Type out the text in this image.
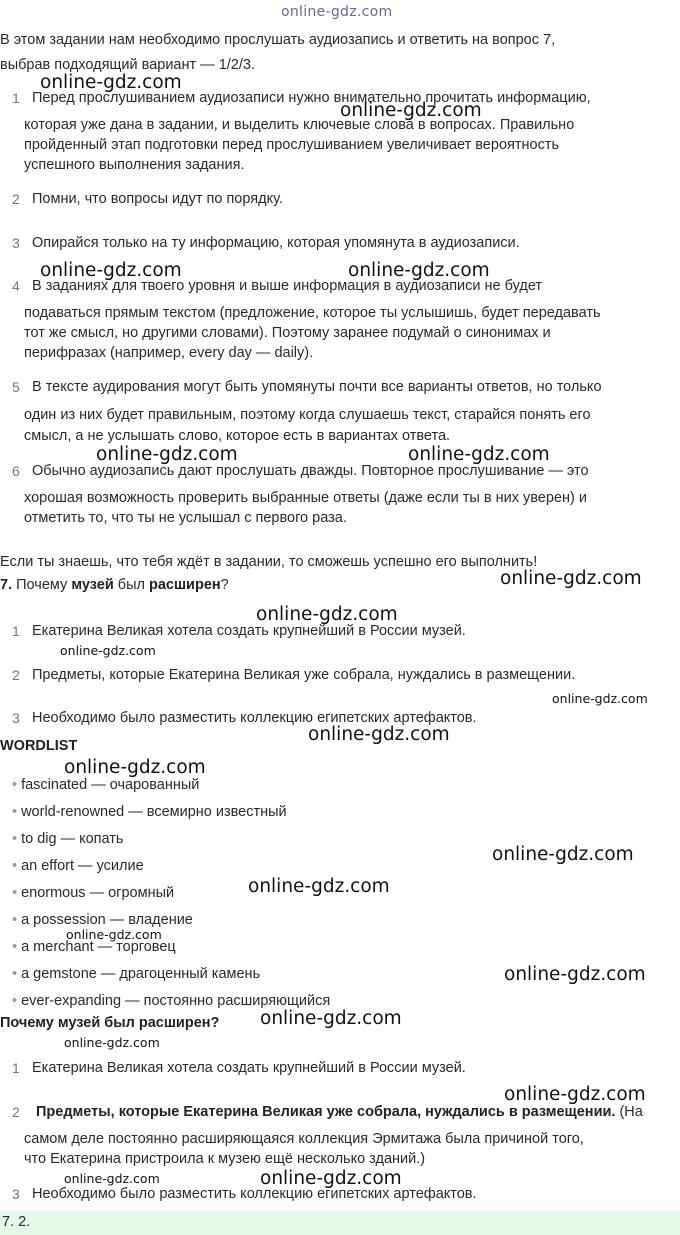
online-gdz.com
В этом задании нам необходимо прослушать аудиозапись и ответить на вопрос 7,
выбрав подходящий вариант — 1/2/3.
1 Перед прослушиванием аудиозаписи нужно внимательно прочитать информацию,
которая уже дана в задании, и выделить ключевые слова в вопросах. Правильно
пройденный этап подготовки перед прослушиванием увеличивает вероятность
успешного выполнения задания.
2 Помни, что вопросы идут по порядку.
3 Опирайся только на ту информацию, которая упомянута в аудиозаписи.
4 В заданиях для твоего уровня и выше информация в аудиозаписи не будет
подаваться прямым текстом (предложение, которое ты услышишь, будет передавать
тот же смысл, но другими словами). Поэтому заранее подумай о синонимах и
перифразах (например, every day — daily).
5 В тексте аудирования могут быть упомянуты почти все варианты ответов, но только
один из них будет правильным, поэтому когда слушаешь текст, старайся понять его
смысл, а не услышать слово, которое есть в вариантах ответа.
6 Обычно аудиозапись дают прослушать дважды. Повторное прослушивание — это
хорошая возможность проверить выбранные ответы (даже если ты в них уверен) и
отметить то, что ты не услышал с первого раза.
Если ты знаешь, что тебя ждёт в задании, то сможешь успешно его выполнить!
7. Почему музей был расширен?
1 Екатерина Великая хотела создать крупнейший в России музей.
2 Предметы, которые Екатерина Великая уже собрала, нуждались в размещении.
3 Необходимо было разместить коллекцию египетских артефактов.
WORDLIST
• fascinated — очарованный
• world-renowned — всемирно известный
• to dig — копать
• an effort — усилие
• enormous — огромный
• a possession — владение
• a merchant — торговец
• a gemstone — драгоценный камень
• ever-expanding — постоянно расширяющийся
Почему музей был расширен?
1 Екатерина Великая хотела создать крупнейший в России музей.
2 Предметы, которые Екатерина Великая уже собрала, нуждались в размещении. (На
самом деле постоянно расширяющаяся коллекция Эрмитажа была причиной того,
что Екатерина пристроила к музею ещё несколько зданий.)
3 Необходимо было разместить коллекцию египетских артефактов.
7. 2.
online-gdz.com
online-gdz.com
online-gdz.com	online-gdz.com
online-gdz.com	online-gdz.com
online-gdz.com
online-gdz.com
online-gdz.com
online-gdz.com
online-gdz.com
online-gdz.com
online-gdz.com
online-gdz.com
online-gdz.com
online-gdz.com
online-gdz.com
online-gdz.com
online-gdz.com
online-gdz.com
online-gdz.com
